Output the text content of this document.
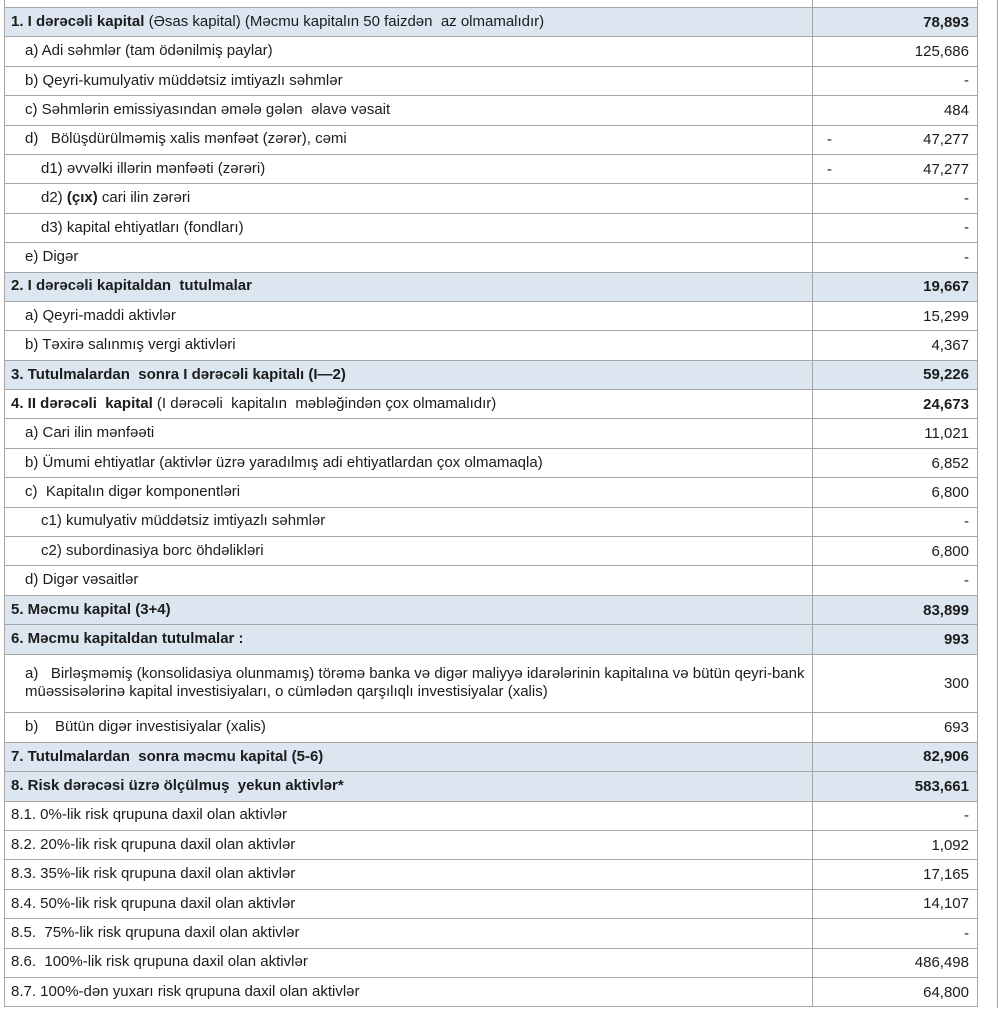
1. I dərəcəli kapital (Əsas kapital) (Məcmu kapitalın 50 faizdən  az olmamalıdır)	78,893
a) Adi səhmlər (tam ödənilmiş paylar)	125,686
b) Qeyri-kumulyativ müddətsiz imtiyazlı səhmlər	-
c) Səhmlərin emissiyasından əmələ gələn  əlavə vəsait	484
d)   Bölüşdürülməmiş xalis mənfəət (zərər), cəmi	-	47,277
d1) əvvəlki illərin mənfəəti (zərəri)	-	47,277
d2) (çıx) cari ilin zərəri	-
d3) kapital ehtiyatları (fondları)	-
e) Digər	-
2. I dərəcəli kapitaldan  tutulmalar	19,667
a) Qeyri-maddi aktivlər	15,299
b) Təxirə salınmış vergi aktivləri	4,367
3. Tutulmalardan  sonra I dərəcəli kapitalı (I—2)	59,226
4. II dərəcəli  kapital (I dərəcəli  kapitalın  məbləğindən çox olmamalıdır)	24,673
a) Cari ilin mənfəəti	11,021
b) Ümumi ehtiyatlar (aktivlər üzrə yaradılmış adi ehtiyatlardan çox olmamaqla)	6,852
c)  Kapitalın digər komponentləri	6,800
c1) kumulyativ müddətsiz imtiyazlı səhmlər	-
c2) subordinasiya borc öhdəlikləri	6,800
d) Digər vəsaitlər	-
5. Məcmu kapital (3+4)	83,899
6. Məcmu kapitaldan tutulmalar :	993
a)   Birləşməmiş (konsolidasiya olunmamış) törəmə banka və digər maliyyə idarələrinin kapitalına və bütün qeyri-bank müəssisələrinə kapital investisiyaları, o cümlədən qarşılıqlı investisiyalar (xalis)	300
b)    Bütün digər investisiyalar (xalis)	693
7. Tutulmalardan  sonra məcmu kapital (5-6)	82,906
8. Risk dərəcəsi üzrə ölçülmuş  yekun aktivlər*	583,661
8.1. 0%-lik risk qrupuna daxil olan aktivlər	-
8.2. 20%-lik risk qrupuna daxil olan aktivlər	1,092
8.3. 35%-lik risk qrupuna daxil olan aktivlər	17,165
8.4. 50%-lik risk qrupuna daxil olan aktivlər	14,107
8.5.  75%-lik risk qrupuna daxil olan aktivlər	-
8.6.  100%-lik risk qrupuna daxil olan aktivlər	486,498
8.7. 100%-dən yuxarı risk qrupuna daxil olan aktivlər	64,800
